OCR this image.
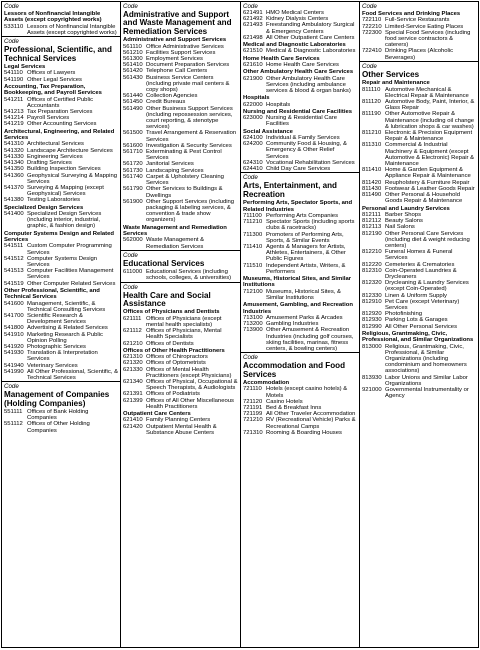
Code
Lessors of Nonfinancial Intangible Assets (except copyrighted works)
533110 Lessors of Nonfinancial Intangible Assets (except copyrighted works)
Code
Professional, Scientific, and Technical Services
Legal Services
541110 Offices of Lawyers
541190 Other Legal Services
Accounting, Tax Preparation, Bookkeeping, and Payroll Services
541211 Offices of Certified Public Accountants
541213 Tax Preparation Services
541214 Payroll Services
541219 Other Accounting Services
Architectural, Engineering, and Related Services
541310 Architectural Services
541320 Landscape Architecture Services
541330 Engineering Services
541340 Drafting Services
541350 Building Inspection Services
541360 Geophysical Surveying & Mapping Services
541370 Surveying & Mapping (except Geophysical) Services
541380 Testing Laboratories
Specialized Design Services
541400 Specialized Design Services (including interior, industrial, graphic, & fashion design)
Computer Systems Design and Related Services
541511 Custom Computer Programming Services
541512 Computer Systems Design Services
541513 Computer Facilities Management Services
541519 Other Computer Related Services
Other Professional, Scientific, and Technical Services
541600 Management, Scientific, & Technical Consulting Services
541700 Scientific Research & Development Services
541800 Advertising & Related Services
541910 Marketing Research & Public Opinion Polling
541920 Photographic Services
541930 Translation & Interpretation Services
541940 Veterinary Services
541990 All Other Professional, Scientific, & Technical Services
Code
Management of Companies (Holding Companies)
551111 Offices of Bank Holding Companies
551112 Offices of Other Holding Companies
Code
Administrative and Support and Waste Management and Remediation Services
Administrative and Support Services
561110 Office Administrative Services
561210 Facilities Support Services
561300 Employment Services
561410 Document Preparation Services
561420 Telephone Call Centers
561430 Business Service Centers (including private mail centers & copy shops)
561440 Collection Agencies
561450 Credit Bureaus
561490 Other Business Support Services (including repossession services, court reporting, & stenotype services)
561500 Travel Arrangement & Reservation Services
561600 Investigation & Security Services
561710 Exterminating & Pest Control Services
561720 Janitorial Services
561730 Landscaping Services
561740 Carpet & Upholstery Cleaning Services
561790 Other Services to Buildings & Dwellings
561900 Other Support Services (including packaging & labeling services, & convention & trade show organizers)
Waste Management and Remediation Services
562000 Waste Management & Remediation Services
Code
Educational Services
611000 Educational Services (including schools, colleges, & universities)
Code
Health Care and Social Assistance
Offices of Physicians and Dentists
621111 Offices of Physicians (except mental health specialists)
621112 Offices of Physicians, Mental Health Specialists
621210 Offices of Dentists
Offices of Other Health Practitioners
621310 Offices of Chiropractors
621320 Offices of Optometrists
621330 Offices of Mental Health Practitioners (except Physicians)
621340 Offices of Physical, Occupational & Speech Therapists, & Audiologists
621391 Offices of Podiatrists
621399 Offices of All Other Miscellaneous Health Practitioners
Outpatient Care Centers
621410 Family Planning Centers
621420 Outpatient Mental Health & Substance Abuse Centers
Code
621491 HMO Medical Centers
621492 Kidney Dialysis Centers
621493 Freestanding Ambulatory Surgical & Emergency Centers
621498 All Other Outpatient Care Centers
Medical and Diagnostic Laboratories
621510 Medical & Diagnostic Laboratories
Home Health Care Services
621610 Home Health Care Services
Other Ambulatory Health Care Services
621900 Other Ambulatory Health Care Services (including ambulance services & blood & organ banks)
Hospitals
622000 Hospitals
Nursing and Residential Care Facilities
623000 Nursing & Residential Care Facilities
Social Assistance
624100 Individual & Family Services
624200 Community Food & Housing, & Emergency & Other Relief Services
624310 Vocational Rehabilitation Services
624410 Child Day Care Services
Code
Arts, Entertainment, and Recreation
Performing Arts, Spectator Sports, and Related Industries
711100 Performing Arts Companies
711210 Spectator Sports (including sports clubs & racetracks)
711300 Promoters of Performing Arts, Sports, & Similar Events
711410 Agents & Managers for Artists, Athletes, Entertainers, & Other Public Figures
711510 Independent Artists, Writers, & Performers
Museums, Historical Sites, and Similar Institutions
712100 Museums, Historical Sites, & Similar Institutions
Amusement, Gambling, and Recreation Industries
713100 Amusement Parks & Arcades
713200 Gambling Industries
713900 Other Amusement & Recreation Industries (including golf courses, skiing facilities, marinas, fitness centers, & bowling centers)
Code
Accommodation and Food Services
Accommodation
721110 Hotels (except casino hotels) & Motels
721120 Casino Hotels
721191 Bed & Breakfast Inns
721199 All Other Traveler Accommodation
721210 RV (Recreational Vehicle) Parks & Recreational Camps
721310 Rooming & Boarding Houses
Code
Food Services and Drinking Places
722110 Full-Service Restaurants
722210 Limited-Service Eating Places
722300 Special Food Services (including food service contractors & caterers)
722410 Drinking Places (Alcoholic Beverages)
Code
Other Services
Repair and Maintenance
811110 Automotive Mechanical & Electrical Repair & Maintenance
811120 Automotive Body, Paint, Interior, & Glass Repair
811190 Other Automotive Repair & Maintenance (including oil change & lubrication shops & car washes)
811210 Electronic & Precision Equipment Repair & Maintenance
811310 Commercial & Industrial Machinery & Equipment (except Automotive & Electronic) Repair & Maintenance
811410 Home & Garden Equipment & Appliance Repair & Maintenance
811420 Reupholstery & Furniture Repair
811430 Footwear & Leather Goods Repair
811490 Other Personal & Household Goods Repair & Maintenance
Personal and Laundry Services
812111 Barber Shops
812112 Beauty Salons
812113 Nail Salons
812190 Other Personal Care Services (including diet & weight reducing centers)
812210 Funeral Homes & Funeral Services
812220 Cemeteries & Crematories
812310 Coin-Operated Laundries & Drycleaners
812320 Drycleaning & Laundry Services (except Coin-Operated)
812330 Linen & Uniform Supply
812910 Pet Care (except Veterinary) Services
812920 Photofinishing
812930 Parking Lots & Garages
812990 All Other Personal Services
Religious, Grantmaking, Civic, Professional, and Similar Organizations
813000 Religious, Grantmaking, Civic, Professional, & Similar Organizations (including condominium and homeowners associations)
813930 Labor Unions and Similar Labor Organizations
921000 Governmental Instrumentality or Agency
